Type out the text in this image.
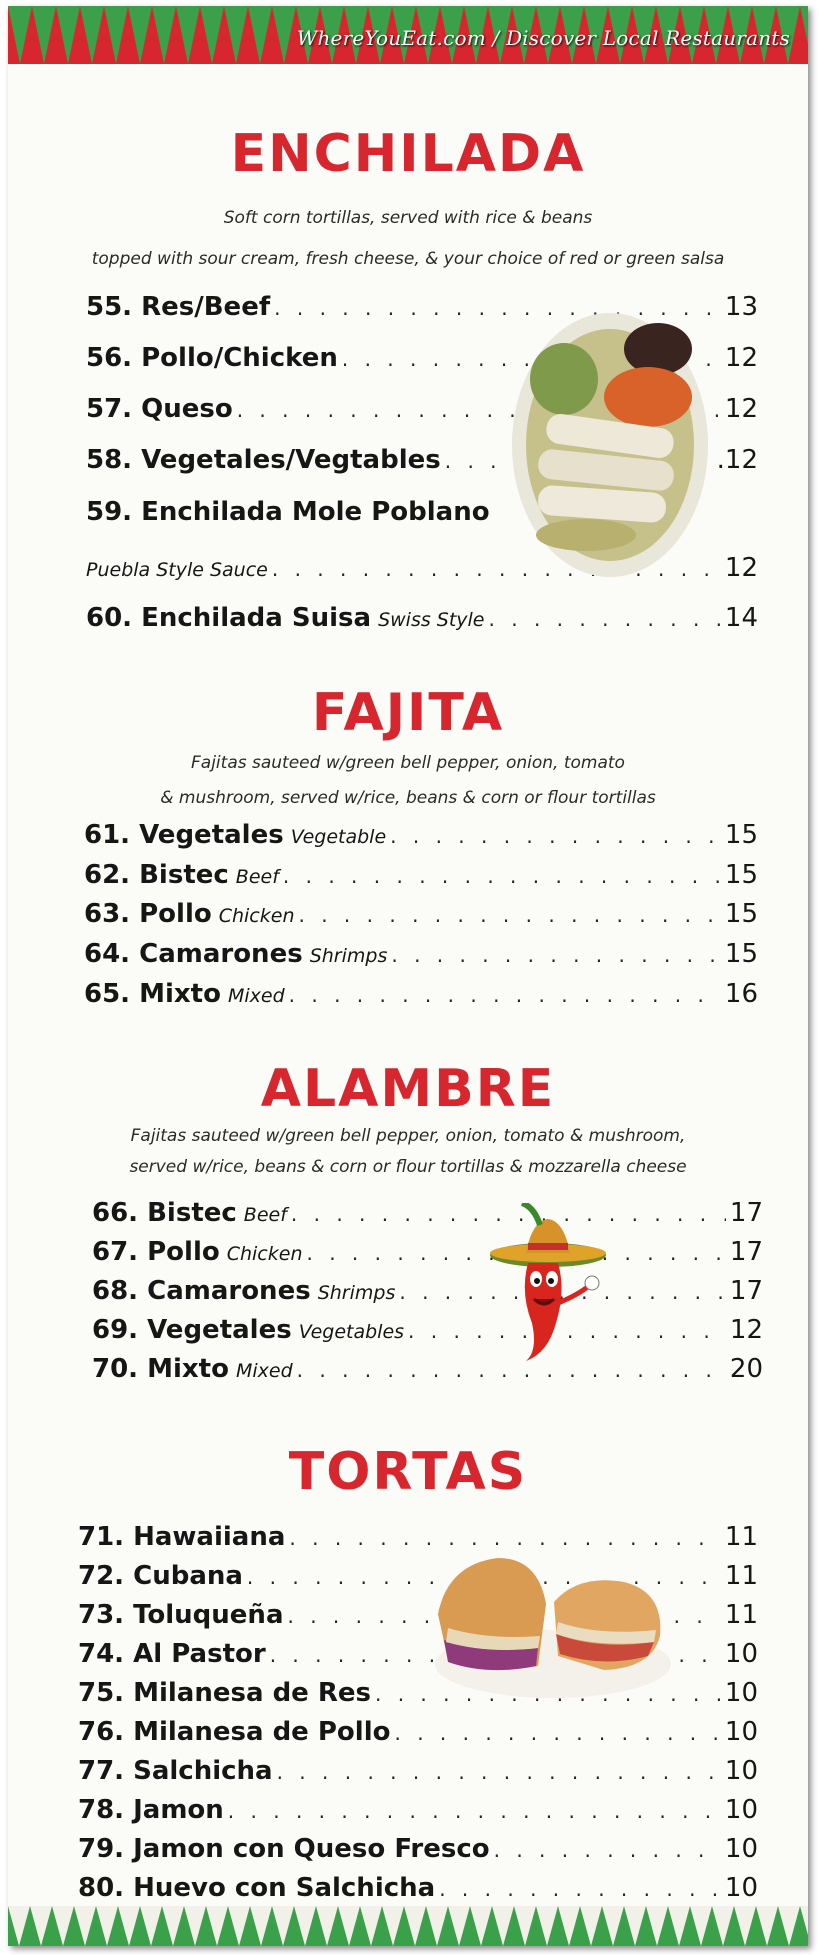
WhereYouEat.com / Discover Local Restaurants
ENCHILADA

Soft corn tortillas, served with rice & beans

topped with sour cream, fresh cheese, & your choice of red or green salsa

55. Res/Beef . . .	13
56. Pollo/Chicken . . .	12
57. Queso . . .	12
58. Vegetales/Vegtables . . .	.12
59. Enchilada Mole Poblano
Puebla Style Sauce . . .	12
60. Enchilada Suisa Swiss Style . . .	14
FAJITA

Fajitas sauteed w/green bell pepper, onion, tomato

& mushroom, served w/rice, beans & corn or flour tortillas

61. Vegetales Vegetable . . .	15
62. Bistec Beef . . .	15
63. Pollo Chicken . . .	15
64. Camarones Shrimps . . .	15
65. Mixto Mixed . . .	16
ALAMBRE

Fajitas sauteed w/green bell pepper, onion, tomato & mushroom,

served w/rice, beans & corn or flour tortillas & mozzarella cheese

66. Bistec Beef . . .	17
67. Pollo Chicken . . .	17
68. Camarones Shrimps . . .	17
69. Vegetales Vegetables . . .	12
70. Mixto Mixed . . .	20
TORTAS
71. Hawaiiana . . .	11
72. Cubana . . .	11
73. Toluqueña . . .	11
74. Al Pastor . . .	10
75. Milanesa de Res . . .	10
76. Milanesa de Pollo . . .	10
77. Salchicha . . .	10
78. Jamon . . .	10
79. Jamon con Queso Fresco . . .	10
80. Huevo con Salchicha . . .	10
